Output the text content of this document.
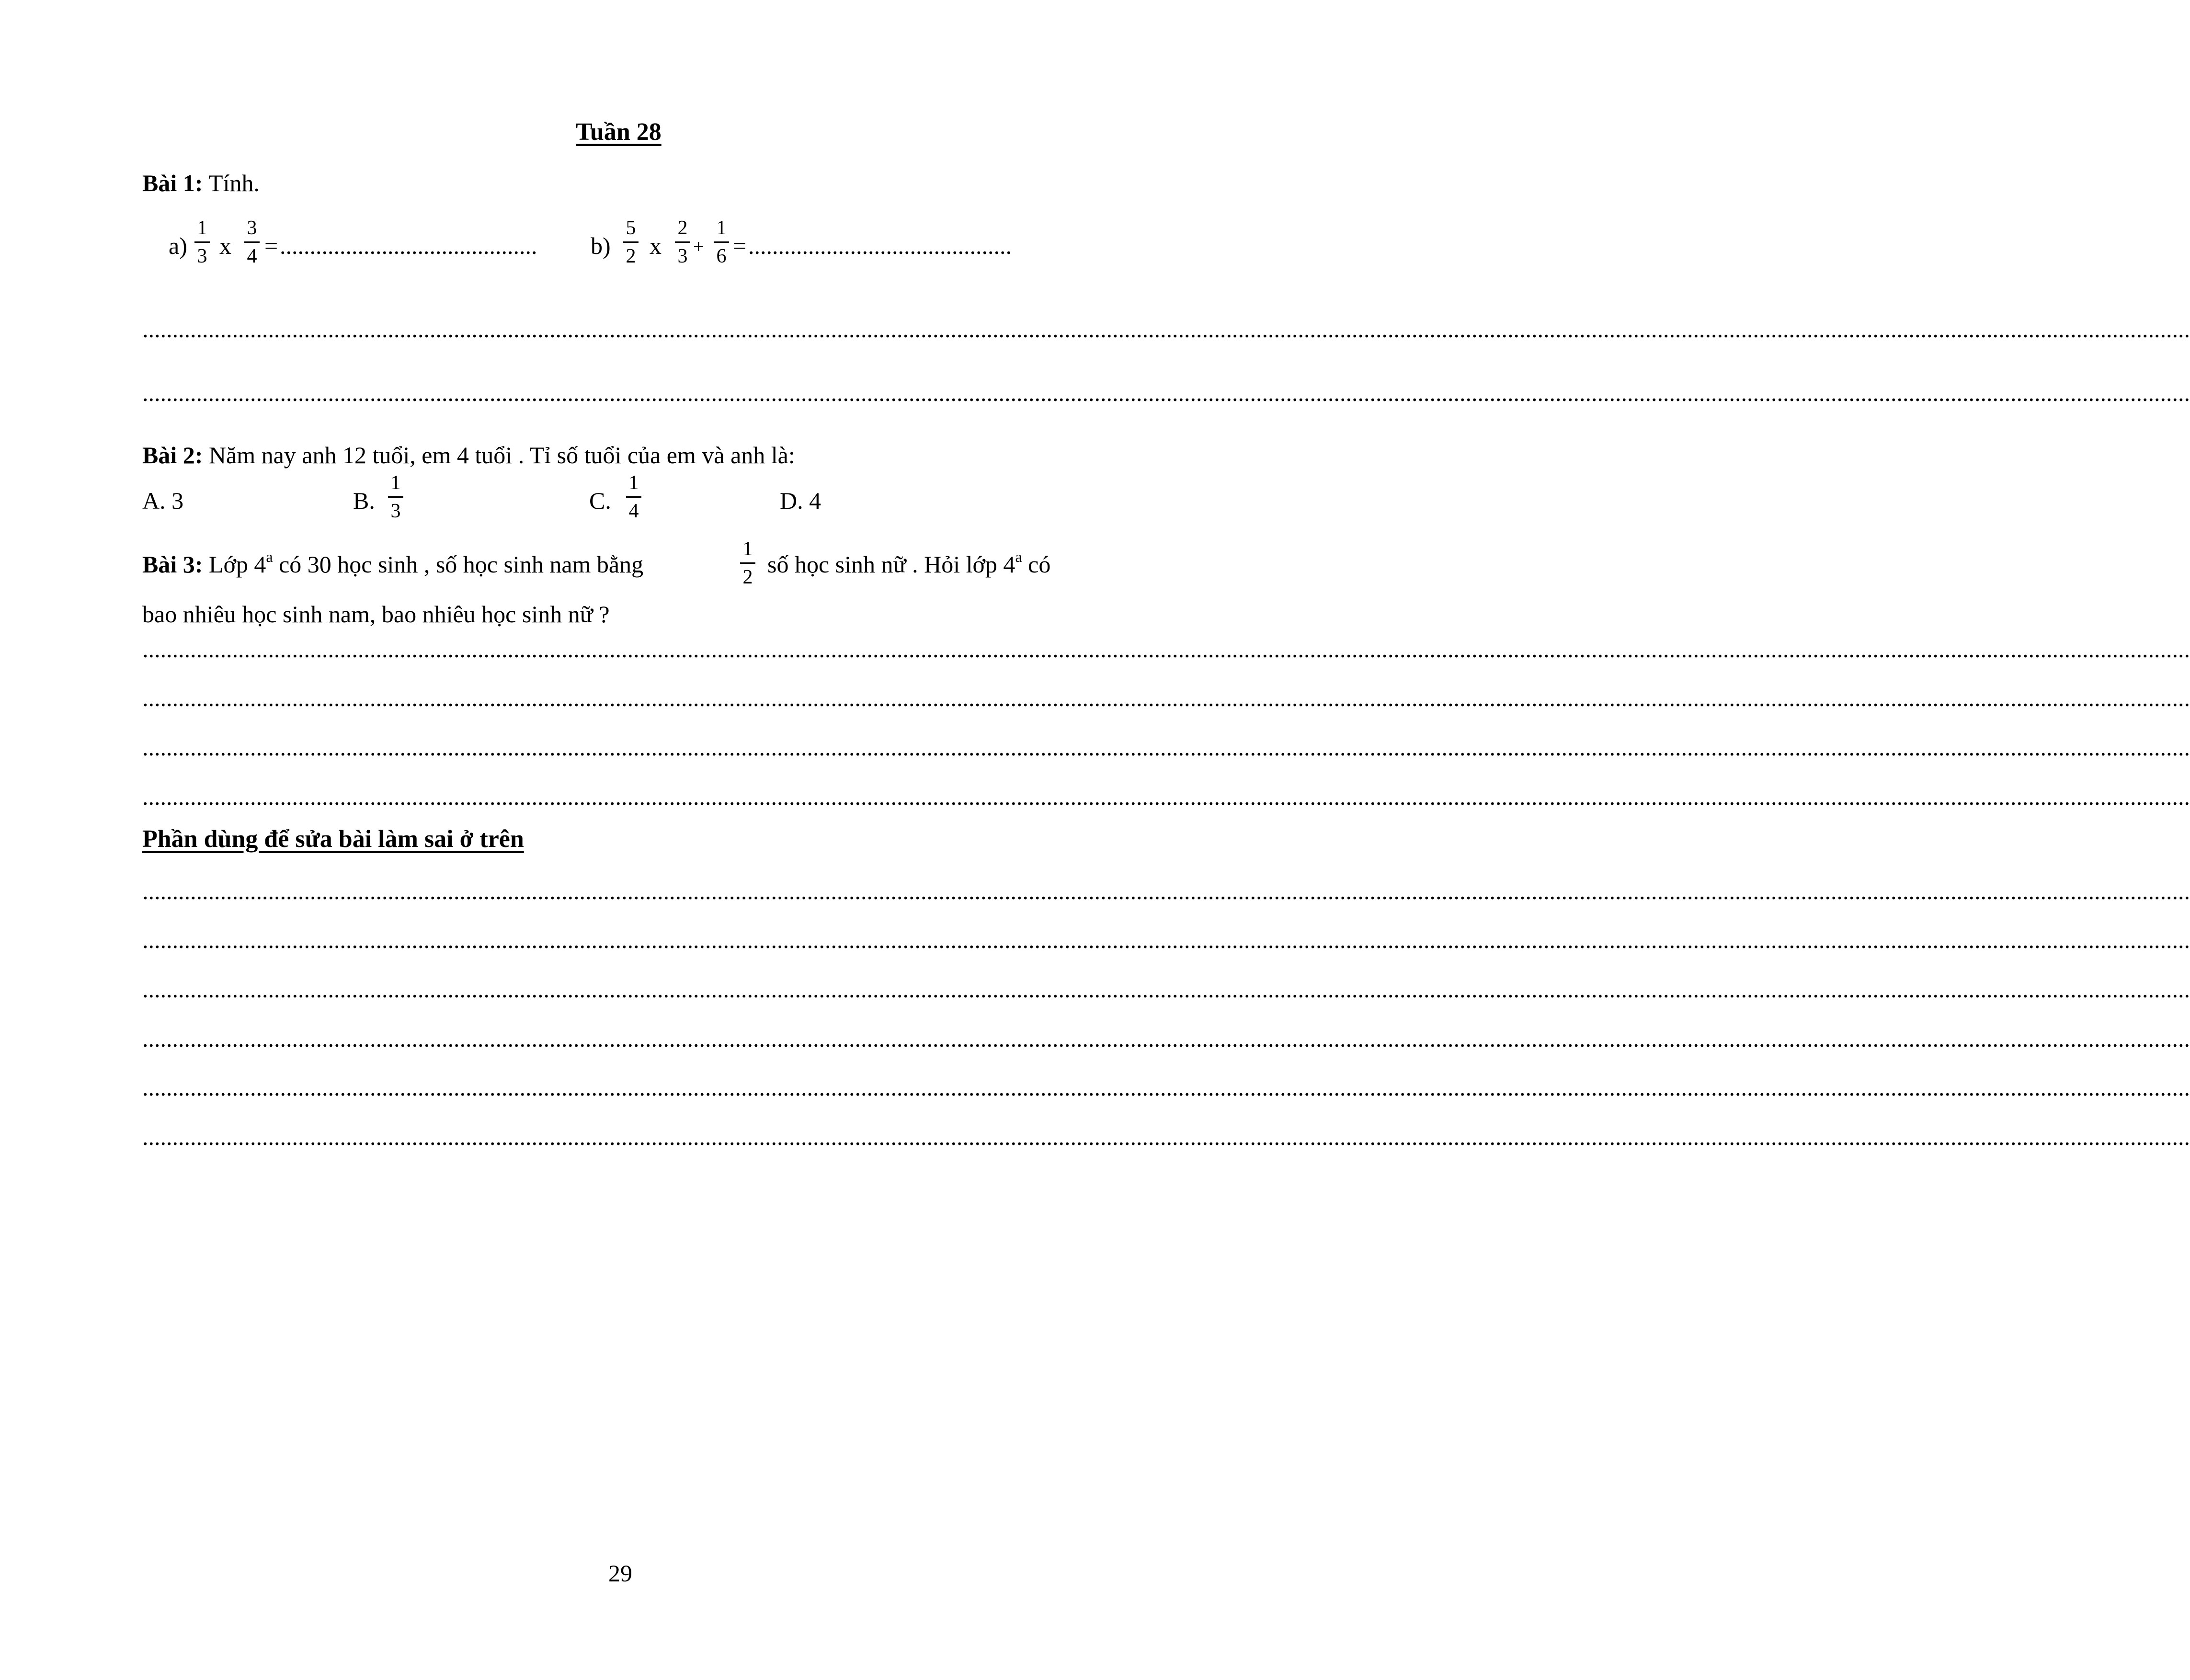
Tuần 28
Bài 1: Tính.
a)
1
3 x
3
4 = ...........................................	b)
5
2 x
2
3 +
1
6 = ............................................
......................................................................................................................................................................................................................................................................................................................................................
......................................................................................................................................................................................................................................................................................................................................................
Bài 2: Năm nay anh 12 tuổi, em 4 tuổi . Tỉ số tuổi của em và anh là:
A. 3	B.
1
3	C.
1
4	D. 4
Bài 3: Lớp 4$^a$ có 30 học sinh , số học sinh nam bằng
1
2 số học sinh nữ . Hỏi lớp 4$^a$ có
bao nhiêu học sinh nam, bao nhiêu học sinh nữ ?
......................................................................................................................................................................................................................................................................................................................................................
......................................................................................................................................................................................................................................................................................................................................................
......................................................................................................................................................................................................................................................................................................................................................
......................................................................................................................................................................................................................................................................................................................................................
Phần dùng để sửa bài làm sai ở trên
......................................................................................................................................................................................................................................................................................................................................................
......................................................................................................................................................................................................................................................................................................................................................
......................................................................................................................................................................................................................................................................................................................................................
......................................................................................................................................................................................................................................................................................................................................................
......................................................................................................................................................................................................................................................................................................................................................
......................................................................................................................................................................................................................................................................................................................................................
29
